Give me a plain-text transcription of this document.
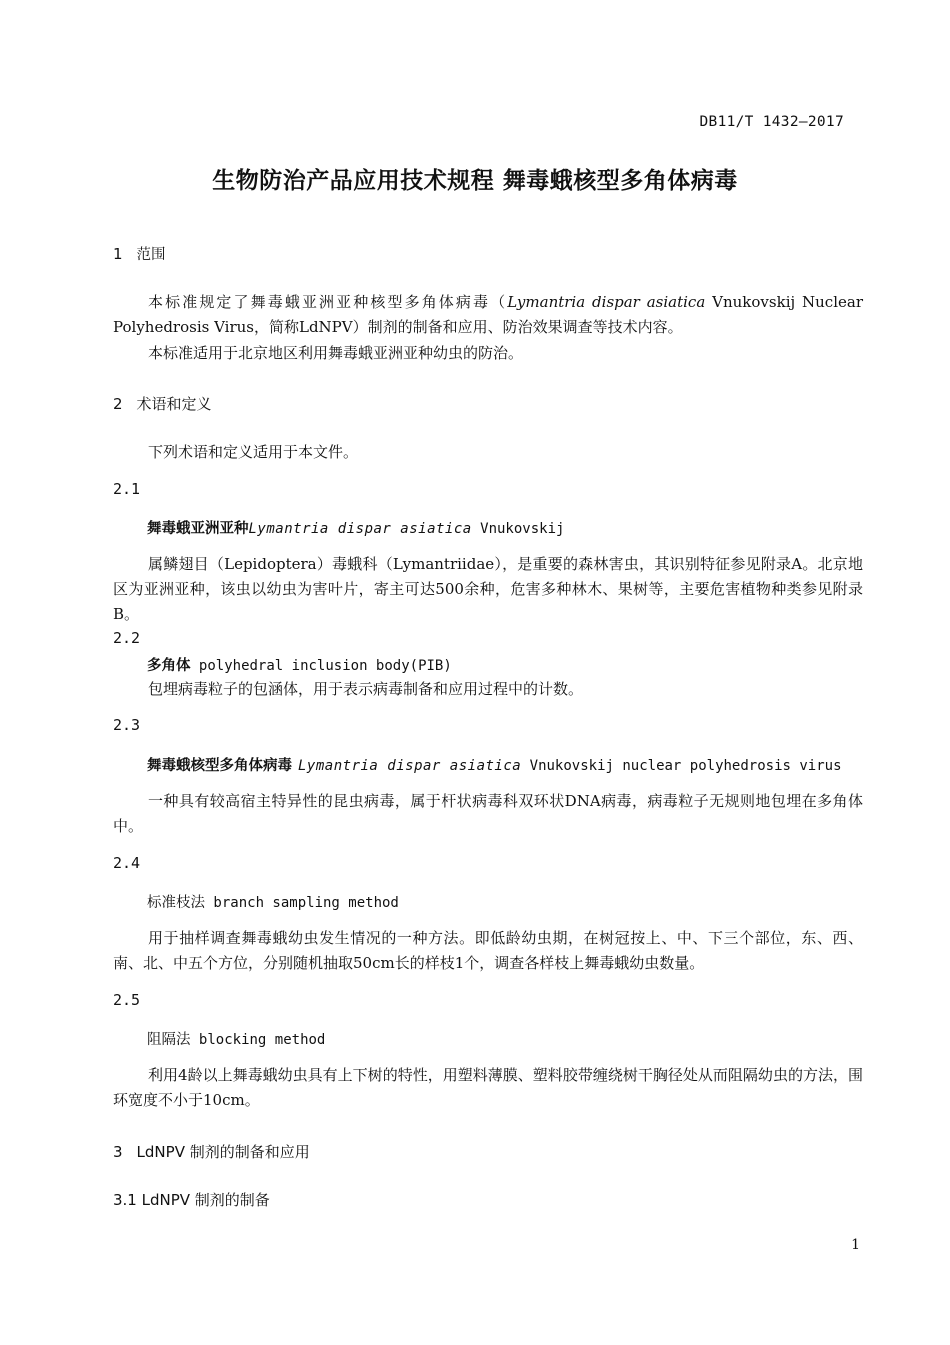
DB11/T 1432—2017
生物防治产品应用技术规程 舞毒蛾核型多角体病毒
1 范围
本标准规定了舞毒蛾亚洲亚种核型多角体病毒（Lymantria dispar asiatica Vnukovskij Nuclear Polyhedrosis Virus，简称LdNPV）制剂的制备和应用、防治效果调查等技术内容。
本标准适用于北京地区利用舞毒蛾亚洲亚种幼虫的防治。
2 术语和定义
下列术语和定义适用于本文件。
2.1
舞毒蛾亚洲亚种Lymantria dispar asiatica Vnukovskij
属鳞翅目（Lepidoptera）毒蛾科（Lymantriidae），是重要的森林害虫，其识别特征参见附录A。北京地区为亚洲亚种，该虫以幼虫为害叶片，寄主可达500余种，危害多种林木、果树等，主要危害植物种类参见附录B。
2.2
多角体 polyhedral inclusion body(PIB)
包埋病毒粒子的包涵体，用于表示病毒制备和应用过程中的计数。
2.3
舞毒蛾核型多角体病毒 Lymantria dispar asiatica Vnukovskij nuclear polyhedrosis virus
一种具有较高宿主特异性的昆虫病毒，属于杆状病毒科双环状DNA病毒，病毒粒子无规则地包埋在多角体中。
2.4
标准枝法 branch sampling method
用于抽样调查舞毒蛾幼虫发生情况的一种方法。即低龄幼虫期，在树冠按上、中、下三个部位，东、西、南、北、中五个方位，分别随机抽取50cm长的样枝1个，调查各样枝上舞毒蛾幼虫数量。
2.5
阻隔法 blocking method
利用4龄以上舞毒蛾幼虫具有上下树的特性，用塑料薄膜、塑料胶带缠绕树干胸径处从而阻隔幼虫的方法，围环宽度不小于10cm。
3 LdNPV 制剂的制备和应用
3.1 LdNPV 制剂的制备
1
